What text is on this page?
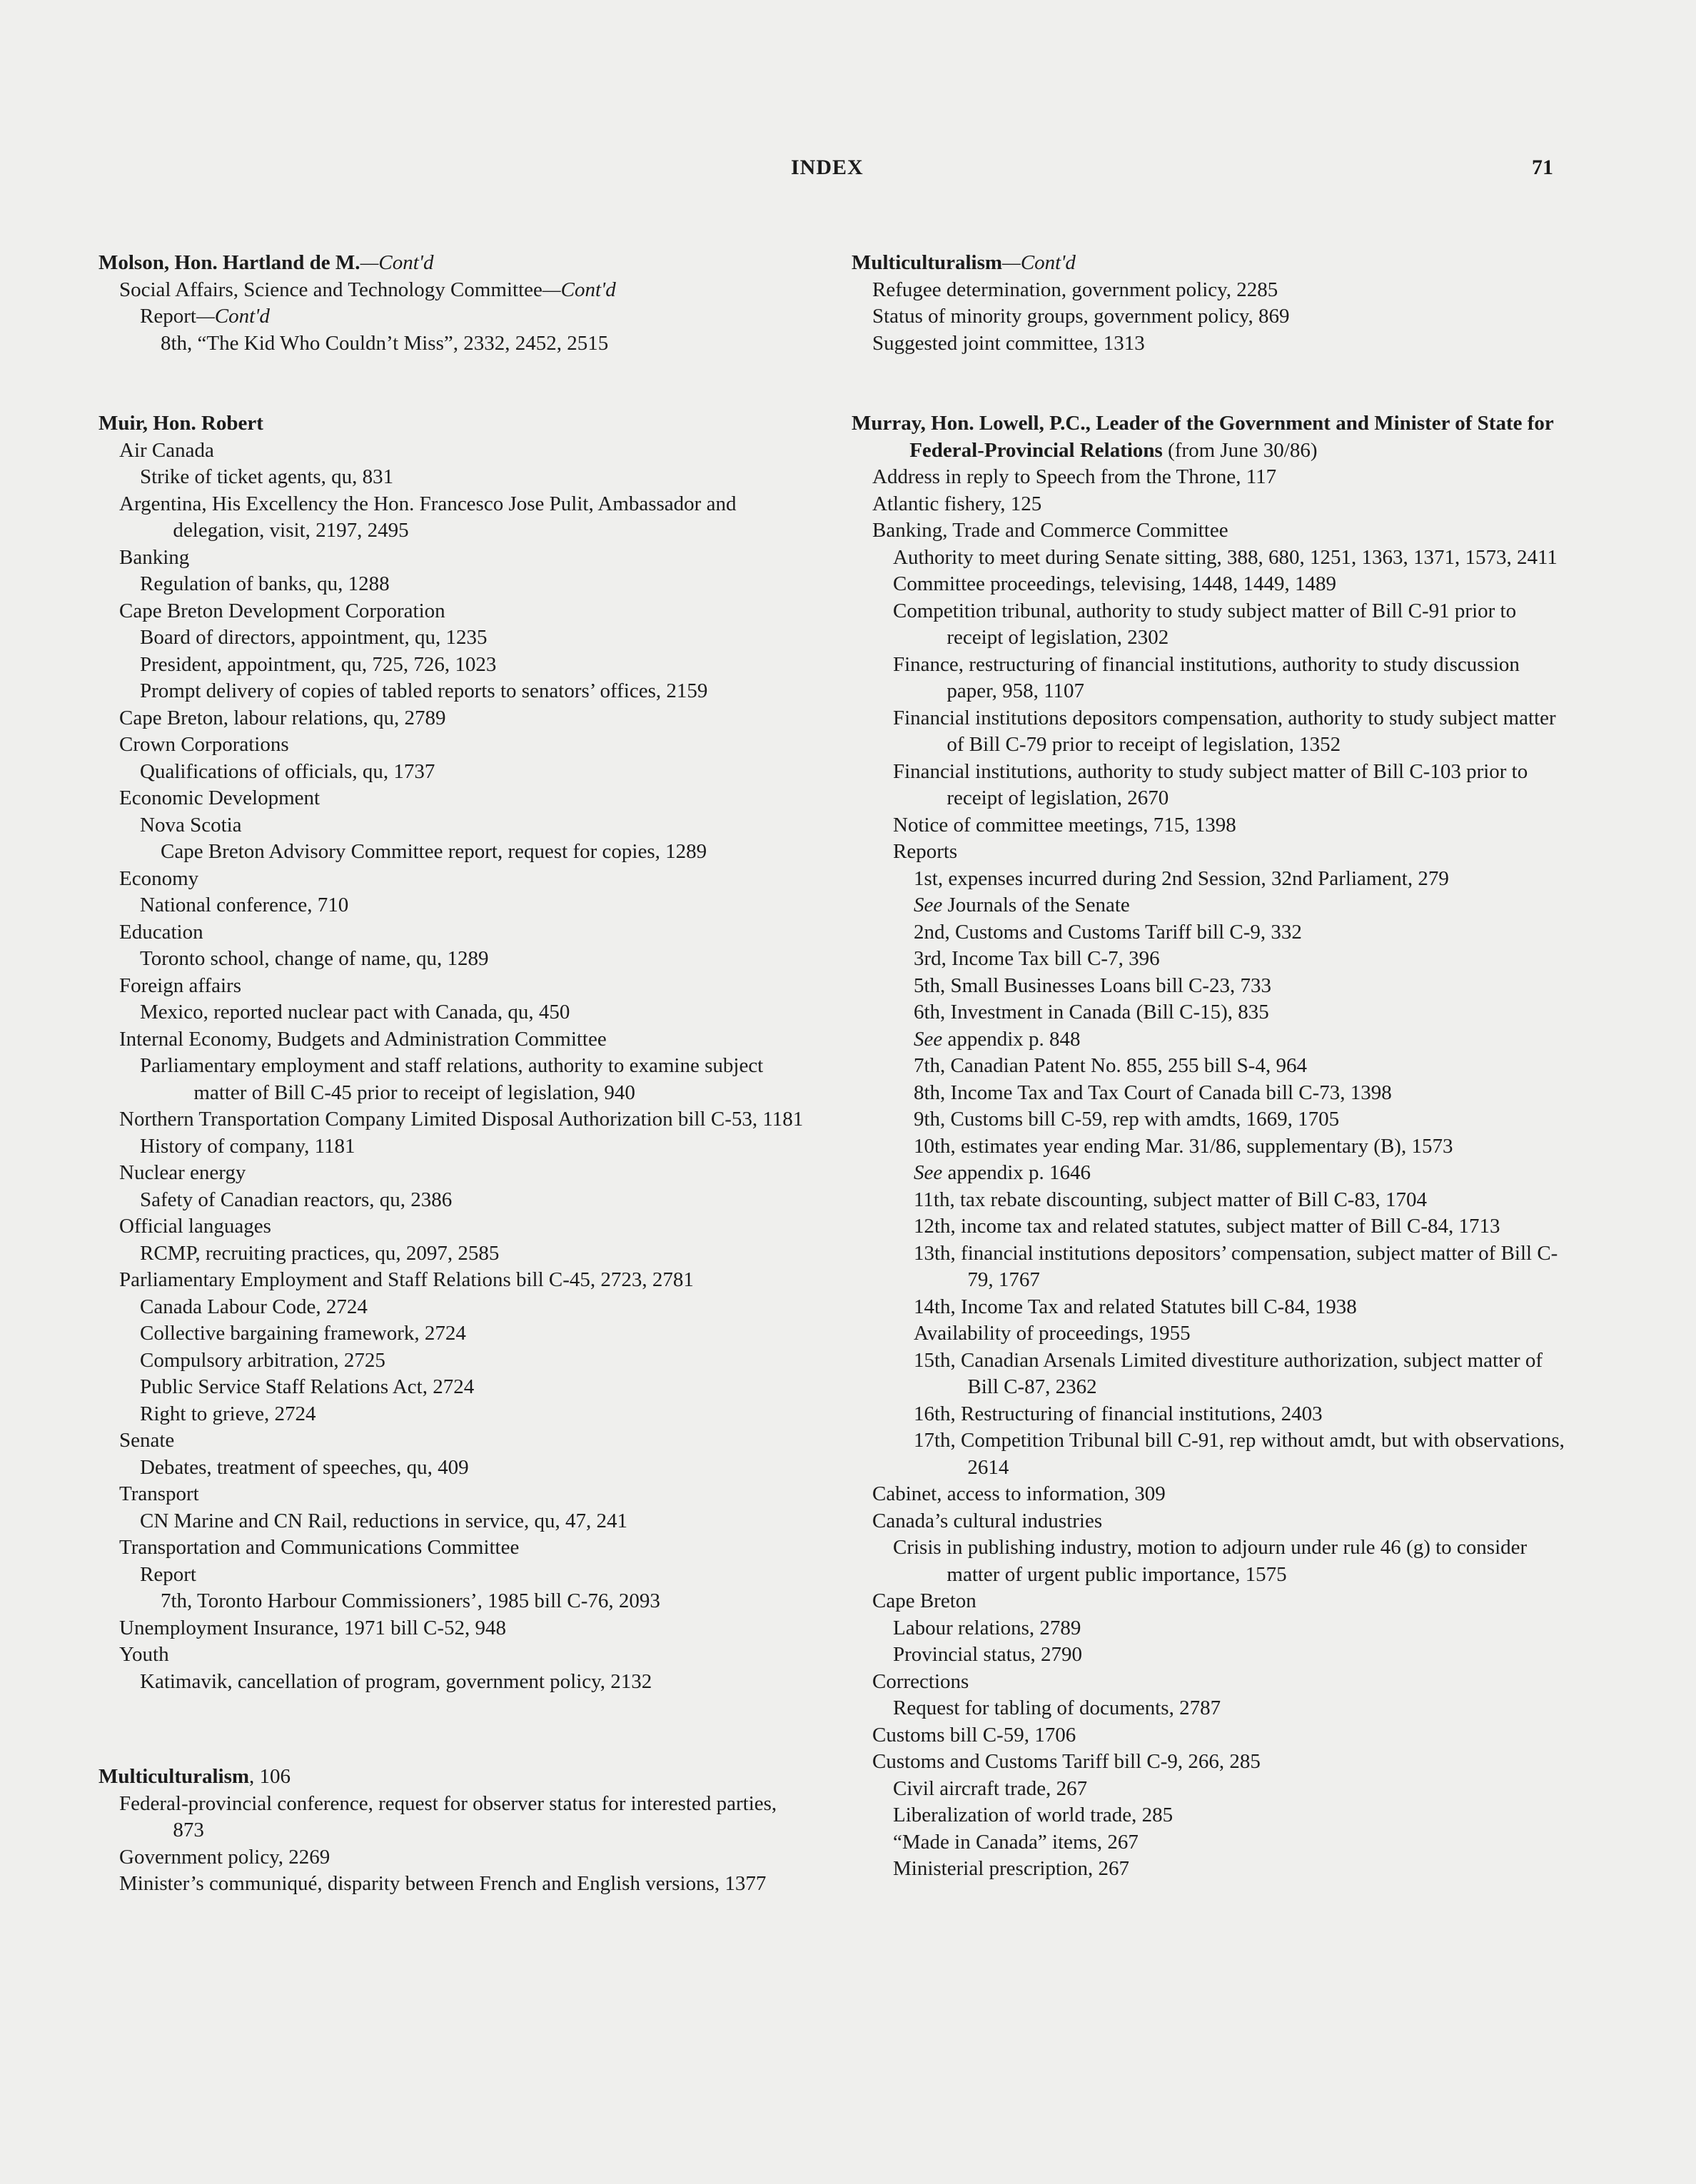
INDEX	71
Molson, Hon. Hartland de M.—Cont'd
Social Affairs, Science and Technology Committee—Cont'd
Report—Cont'd
8th, “The Kid Who Couldn’t Miss”, 2332, 2452, 2515
Muir, Hon. Robert
Air Canada
Strike of ticket agents, qu, 831
Argentina, His Excellency the Hon. Francesco Jose Pulit, Ambassador and delegation, visit, 2197, 2495
Banking
Regulation of banks, qu, 1288
Cape Breton Development Corporation
Board of directors, appointment, qu, 1235
President, appointment, qu, 725, 726, 1023
Prompt delivery of copies of tabled reports to senators’ offices, 2159
Cape Breton, labour relations, qu, 2789
Crown Corporations
Qualifications of officials, qu, 1737
Economic Development
Nova Scotia
Cape Breton Advisory Committee report, request for copies, 1289
Economy
National conference, 710
Education
Toronto school, change of name, qu, 1289
Foreign affairs
Mexico, reported nuclear pact with Canada, qu, 450
Internal Economy, Budgets and Administration Committee
Parliamentary employment and staff relations, authority to examine subject matter of Bill C-45 prior to receipt of legislation, 940
Northern Transportation Company Limited Disposal Authorization bill C-53, 1181
History of company, 1181
Nuclear energy
Safety of Canadian reactors, qu, 2386
Official languages
RCMP, recruiting practices, qu, 2097, 2585
Parliamentary Employment and Staff Relations bill C-45, 2723, 2781
Canada Labour Code, 2724
Collective bargaining framework, 2724
Compulsory arbitration, 2725
Public Service Staff Relations Act, 2724
Right to grieve, 2724
Senate
Debates, treatment of speeches, qu, 409
Transport
CN Marine and CN Rail, reductions in service, qu, 47, 241
Transportation and Communications Committee
Report
7th, Toronto Harbour Commissioners’, 1985 bill C-76, 2093
Unemployment Insurance, 1971 bill C-52, 948
Youth
Katimavik, cancellation of program, government policy, 2132
Multiculturalism, 106
Federal-provincial conference, request for observer status for interested parties, 873
Government policy, 2269
Minister’s communiqué, disparity between French and English versions, 1377
Multiculturalism—Cont'd
Refugee determination, government policy, 2285
Status of minority groups, government policy, 869
Suggested joint committee, 1313
Murray, Hon. Lowell, P.C., Leader of the Government and Minister of State for Federal-Provincial Relations (from June 30/86)
Address in reply to Speech from the Throne, 117
Atlantic fishery, 125
Banking, Trade and Commerce Committee
Authority to meet during Senate sitting, 388, 680, 1251, 1363, 1371, 1573, 2411
Committee proceedings, televising, 1448, 1449, 1489
Competition tribunal, authority to study subject matter of Bill C-91 prior to receipt of legislation, 2302
Finance, restructuring of financial institutions, authority to study discussion paper, 958, 1107
Financial institutions depositors compensation, authority to study subject matter of Bill C-79 prior to receipt of legislation, 1352
Financial institutions, authority to study subject matter of Bill C-103 prior to receipt of legislation, 2670
Notice of committee meetings, 715, 1398
Reports
1st, expenses incurred during 2nd Session, 32nd Parliament, 279
See Journals of the Senate
2nd, Customs and Customs Tariff bill C-9, 332
3rd, Income Tax bill C-7, 396
5th, Small Businesses Loans bill C-23, 733
6th, Investment in Canada (Bill C-15), 835
See appendix p. 848
7th, Canadian Patent No. 855, 255 bill S-4, 964
8th, Income Tax and Tax Court of Canada bill C-73, 1398
9th, Customs bill C-59, rep with amdts, 1669, 1705
10th, estimates year ending Mar. 31/86, supplementary (B), 1573
See appendix p. 1646
11th, tax rebate discounting, subject matter of Bill C-83, 1704
12th, income tax and related statutes, subject matter of Bill C-84, 1713
13th, financial institutions depositors’ compensation, subject matter of Bill C-79, 1767
14th, Income Tax and related Statutes bill C-84, 1938
Availability of proceedings, 1955
15th, Canadian Arsenals Limited divestiture authorization, subject matter of Bill C-87, 2362
16th, Restructuring of financial institutions, 2403
17th, Competition Tribunal bill C-91, rep without amdt, but with observations, 2614
Cabinet, access to information, 309
Canada’s cultural industries
Crisis in publishing industry, motion to adjourn under rule 46 (g) to consider matter of urgent public importance, 1575
Cape Breton
Labour relations, 2789
Provincial status, 2790
Corrections
Request for tabling of documents, 2787
Customs bill C-59, 1706
Customs and Customs Tariff bill C-9, 266, 285
Civil aircraft trade, 267
Liberalization of world trade, 285
“Made in Canada” items, 267
Ministerial prescription, 267
